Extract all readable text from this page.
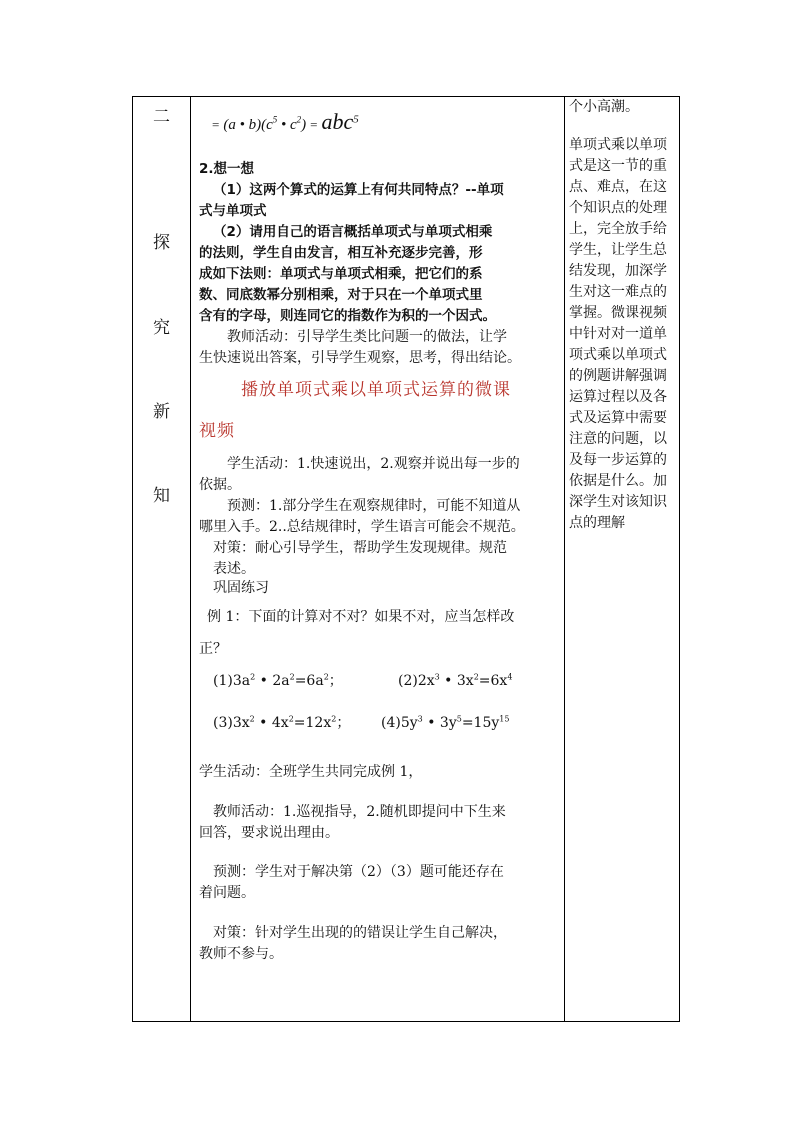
二
探
究
新
知
= (a • $b)(c^5$ • $c^2) = abc^5$
2.想一想
（1）这两个算式的运算上有何共同特点？--单项
式与单项式
（2）请用自己的语言概括单项式与单项式相乘
的法则，学生自由发言，相互补充逐步完善，形
成如下法则：单项式与单项式相乘，把它们的系
数、同底数幂分别相乘，对于只在一个单项式里
含有的字母，则连同它的指数作为积的一个因式。
教师活动：引导学生类比问题一的做法，让学
生快速说出答案，引导学生观察，思考，得出结论。
播放单项式乘以单项式运算的微课
视频
学生活动：1.快速说出，2.观察并说出每一步的
依据。
预测：1.部分学生在观察规律时，可能不知道从
哪里入手。2..总结规律时，学生语言可能会不规范。
对策：耐心引导学生，帮助学生发现规律。规范
表述。
巩固练习
例 1：下面的计算对不对？如果不对，应当怎样改
正？
$(1)3a^2$ • $2a^2=6a^2$；	$(2)2x^3$ • $3x^2=6x^4$
$(3)3x^2$ • $4x^2=12x^2$； $(4)5y^3$ • $3y^5=15y^{15}$
学生活动：全班学生共同完成例 1，
教师活动：1.巡视指导，2.随机即提问中下生来
回答，要求说出理由。
预测：学生对于解决第（2）（3）题可能还存在
着问题。
对策：针对学生出现的的错误让学生自己解决，
教师不参与。
个小高潮。
单项式乘以单项式是这一节的重点、难点，在这个知识点的处理上，完全放手给学生，让学生总结发现，加深学生对这一难点的掌握。微课视频中针对对一道单项式乘以单项式的例题讲解强调运算过程以及各式及运算中需要注意的问题，以及每一步运算的依据是什么。加深学生对该知识点的理解
